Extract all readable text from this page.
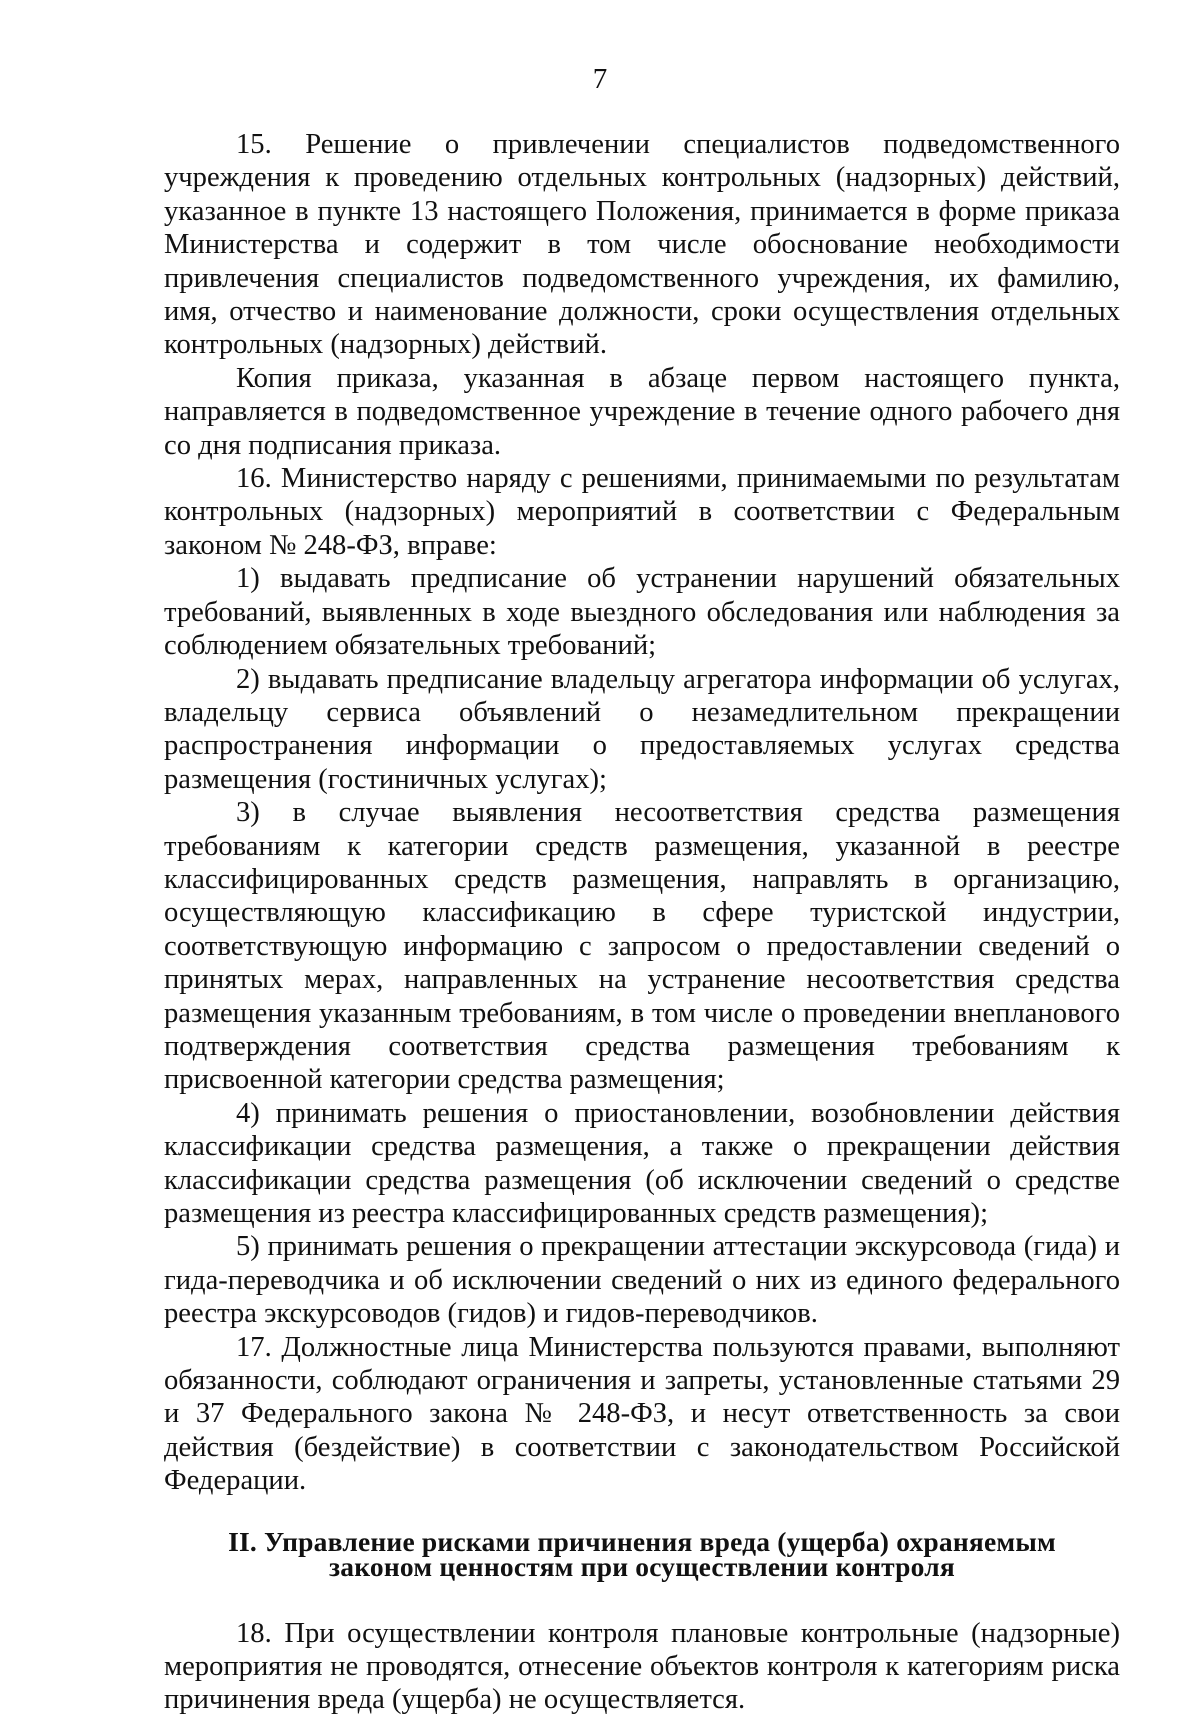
7

15. Решение о привлечении специалистов подведомственного учреждения к проведению отдельных контрольных (надзорных) действий, указанное в пункте 13 настоящего Положения, принимается в форме приказа Министерства и содержит в том числе обоснование необходимости привлечения специалистов подведомственного учреждения, их фамилию, имя, отчество и наименование должности, сроки осуществления отдельных контрольных (надзорных) действий.

Копия приказа, указанная в абзаце первом настоящего пункта, направляется в подведомственное учреждение в течение одного рабочего дня со дня подписания приказа.

16. Министерство наряду с решениями, принимаемыми по результатам контрольных (надзорных) мероприятий в соответствии с Федеральным законом № 248-ФЗ, вправе:

1) выдавать предписание об устранении нарушений обязательных требований, выявленных в ходе выездного обследования или наблюдения за соблюдением обязательных требований;

2) выдавать предписание владельцу агрегатора информации об услугах, владельцу сервиса объявлений о незамедлительном прекращении распространения информации о предоставляемых услугах средства размещения (гостиничных услугах);

3) в случае выявления несоответствия средства размещения требованиям к категории средств размещения, указанной в реестре классифицированных средств размещения, направлять в организацию, осуществляющую классификацию в сфере туристской индустрии, соответствующую информацию с запросом о предоставлении сведений о принятых мерах, направленных на устранение несоответствия средства размещения указанным требованиям, в том числе о проведении внепланового подтверждения соответствия средства размещения требованиям к присвоенной категории средства размещения;

4) принимать решения о приостановлении, возобновлении действия классификации средства размещения, а также о прекращении действия классификации средства размещения (об исключении сведений о средстве размещения из реестра классифицированных средств размещения);

5) принимать решения о прекращении аттестации экскурсовода (гида) и гида-переводчика и об исключении сведений о них из единого федерального реестра экскурсоводов (гидов) и гидов-переводчиков.

17. Должностные лица Министерства пользуются правами, выполняют обязанности, соблюдают ограничения и запреты, установленные статьями 29 и 37 Федерального закона № 248-ФЗ, и несут ответственность за свои действия (бездействие) в соответствии с законодательством Российской Федерации.

II. Управление рисками причинения вреда (ущерба) охраняемым законом ценностям при осуществлении контроля

18. При осуществлении контроля плановые контрольные (надзорные) мероприятия не проводятся, отнесение объектов контроля к категориям риска причинения вреда (ущерба) не осуществляется.
